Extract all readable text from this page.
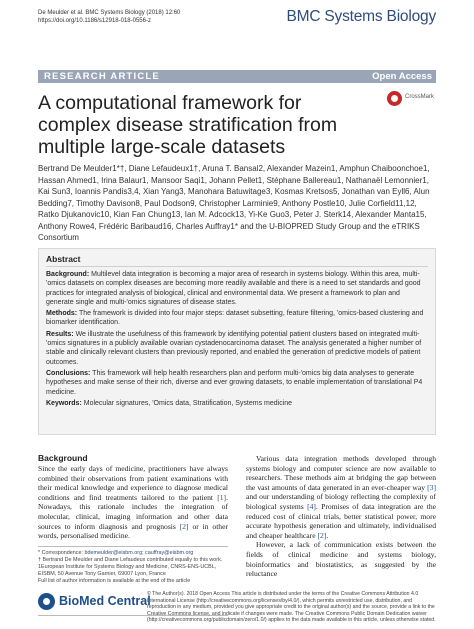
De Meulder et al. BMC Systems Biology (2018) 12:60
https://doi.org/10.1186/s12918-018-0556-z	BMC Systems Biology
RESEARCH ARTICLE	Open Access
A computational framework for complex disease stratification from multiple large-scale datasets
CrossMark
Bertrand De Meulder1*†, Diane Lefaudeux1†, Aruna T. Bansal2, Alexander Mazein1, Amphun Chaiboonchoe1, Hassan Ahmed1, Irina Balaur1, Mansoor Saqi1, Johann Pellet1, Stéphane Ballereau1, Nathanaël Lemonnier1, Kai Sun3, Ioannis Pandis3,4, Xian Yang3, Manohara Batuwitage3, Kosmas Kretsos5, Jonathan van Eyll6, Alun Bedding7, Timothy Davison8, Paul Dodson9, Christopher Larminie9, Anthony Postle10, Julie Corfield11,12, Ratko Djukanovic10, Kian Fan Chung13, Ian M. Adcock13, Yi-Ke Guo3, Peter J. Sterk14, Alexander Manta15, Anthony Rowe4, Frédéric Baribaud16, Charles Auffray1* and the U-BIOPRED Study Group and the eTRIKS Consortium
Abstract

Background: Multilevel data integration is becoming a major area of research in systems biology. Within this area, multi-'omics datasets on complex diseases are becoming more readily available and there is a need to set standards and good practices for integrated analysis of biological, clinical and environmental data. We present a framework to plan and generate single and multi-'omics signatures of disease states.

Methods: The framework is divided into four major steps: dataset subsetting, feature filtering, 'omics-based clustering and biomarker identification.

Results: We illustrate the usefulness of this framework by identifying potential patient clusters based on integrated multi-'omics signatures in a publicly available ovarian cystadenocarcinoma dataset. The analysis generated a higher number of stable and clinically relevant clusters than previously reported, and enabled the generation of predictive models of patient outcomes.

Conclusions: This framework will help health researchers plan and perform multi-'omics big data analyses to generate hypotheses and make sense of their rich, diverse and ever growing datasets, to enable implementation of translational P4 medicine.

Keywords: Molecular signatures, 'Omics data, Stratification, Systems medicine

Background

Since the early days of medicine, practitioners have always combined their observations from patient examinations with their medical knowledge and experience to diagnose medical conditions and find treatments tailored to the patient [1]. Nowadays, this rationale includes the integration of molecular, clinical, imaging information and other data sources to inform diagnosis and prognosis [2] or in other words, personalised medicine.

Various data integration methods developed through systems biology and computer science are now available to researchers. These methods aim at bridging the gap between the vast amounts of data generated in an ever-cheaper way [3] and our understanding of biology reflecting the complexity of biological systems [4]. Promises of data integration are the reduced cost of clinical trials, better statistical power, more accurate hypothesis generation and ultimately, individualised and cheaper healthcare [2].

However, a lack of communication exists between the fields of clinical medicine and systems biology, bioinformatics and biostatistics, as suggested by the reluctance

* Correspondence: bdemeulder@eisbm.org; cauffray@eisbm.org
† Bertrand De Meulder and Diane Lefaudeux contributed equally to this work.
1European Institute for Systems Biology and Medicine, CNRS-ENS-UCBL, EISBM, 50 Avenue Tony Garnier, 69007 Lyon, France
Full list of author information is available at the end of the article
BioMed Central
© The Author(s). 2018 Open Access This article is distributed under the terms of the Creative Commons Attribution 4.0 International License (http://creativecommons.org/licenses/by/4.0/), which permits unrestricted use, distribution, and reproduction in any medium, provided you give appropriate credit to the original author(s) and the source, provide a link to the Creative Commons license, and indicate if changes were made. The Creative Commons Public Domain Dedication waiver (http://creativecommons.org/publicdomain/zero/1.0/) applies to the data made available in this article, unless otherwise stated.
